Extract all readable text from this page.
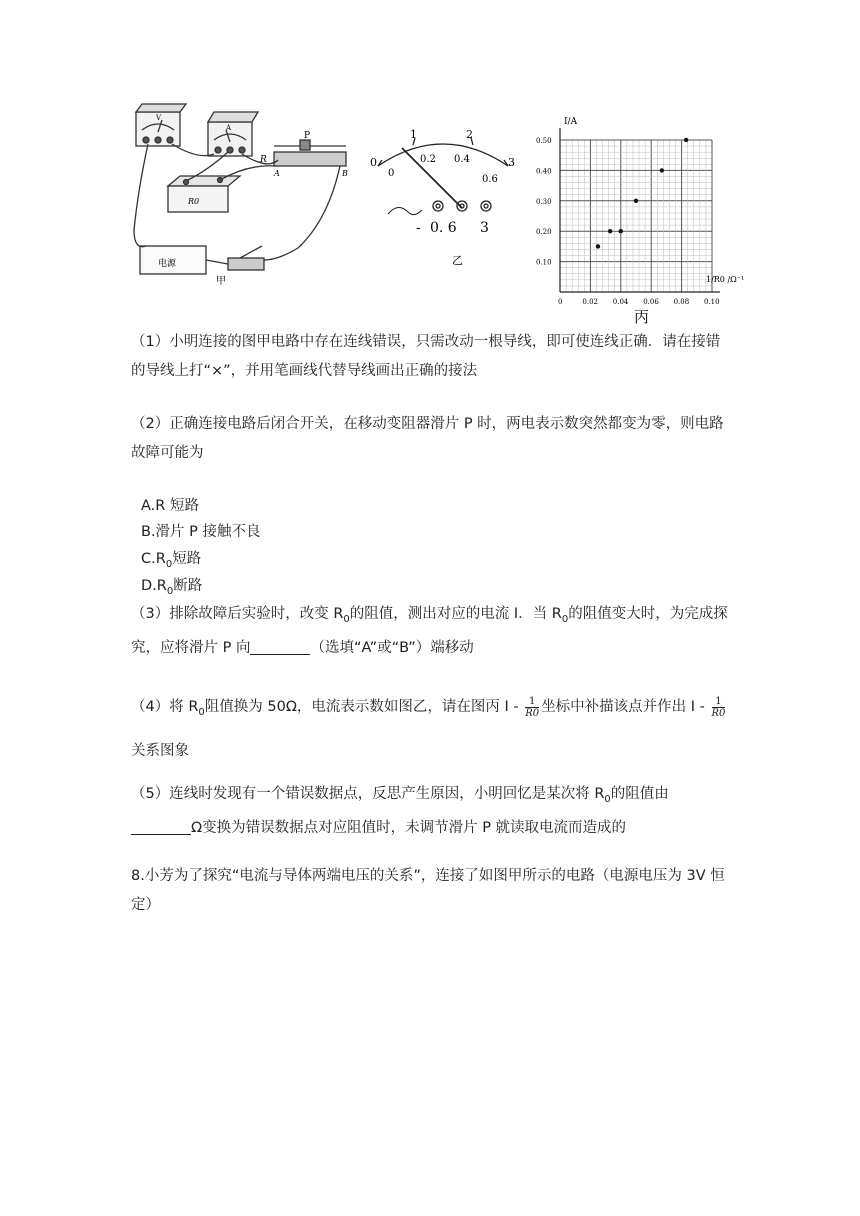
P
R
A	B
R0
电源
V
A
甲
0
1	2
3
0
0.2 0.4
0.6
- 0. 6 3
乙
0	0.02 0.04 0.06 0.08 0.10
0.10
0.20
0.30
0.40
0.50
I/A
1/R0 /Ω⁻¹
丙
（1）小明连接的图甲电路中存在连线错误，只需改动一根导线，即可使连线正确．请在接错的导线上打“×”，并用笔画线代替导线画出正确的接法
（2）正确连接电路后闭合开关，在移动变阻器滑片 P 时，两电表示数突然都变为零，则电路故障可能为
A.R 短路
B.滑片 P 接触不良
$C.R_0$短路
$D.R_0$断路
（3）排除故障后实验时，改变 $R_0$的阻值，测出对应的电流 I．当 $R_0$的阻值变大时，为完成探究，应将滑片 P 向	（选填“A”或“B”）端移动
（4）将 $R_0$阻值换为 50Ω，电流表示数如图乙，请在图丙 I - $\frac{1}{R0}$ 坐标中补描该点并作出 I - $\frac{1}{R0}$

关系图象
（5）连线时发现有一个错误数据点，反思产生原因，小明回忆是某次将 $R_0$的阻值由
Ω变换为错误数据点对应阻值时，未调节滑片 P 就读取电流而造成的
8.小芳为了探究“电流与导体两端电压的关系”，连接了如图甲所示的电路（电源电压为 3V 恒定）
